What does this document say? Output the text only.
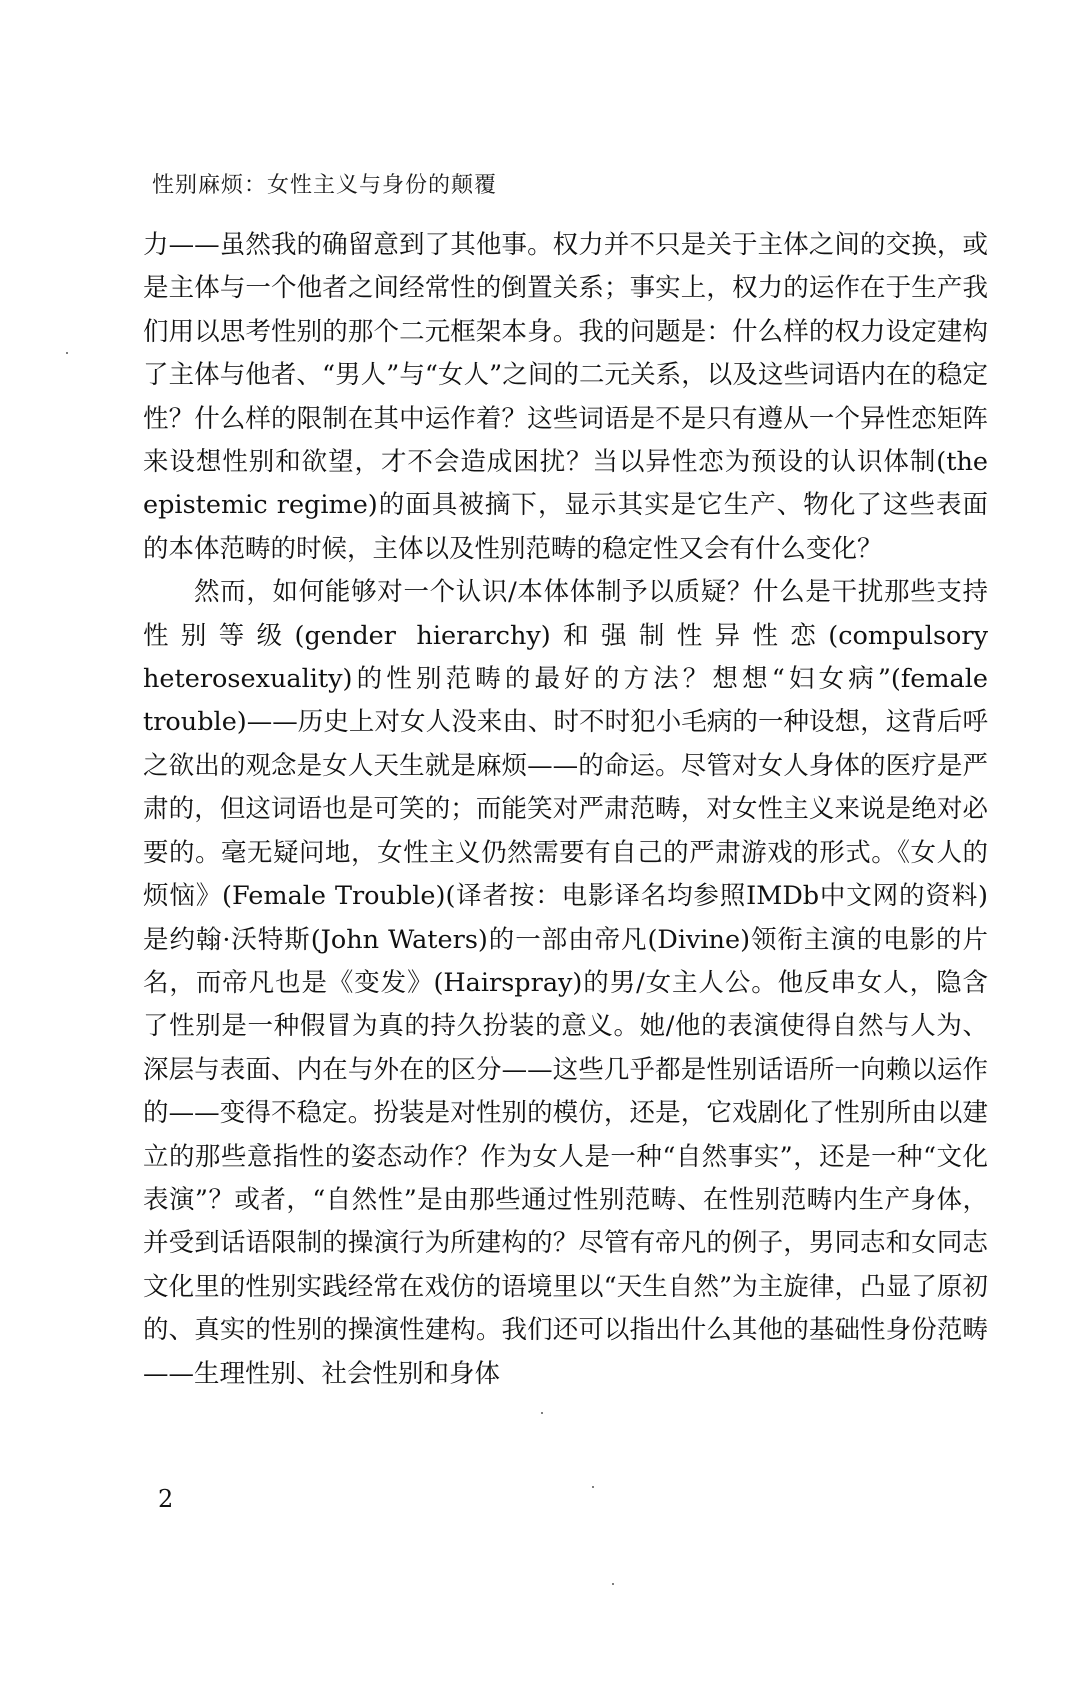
性别麻烦：女性主义与身份的颠覆

力——虽然我的确留意到了其他事。权力并不只是关于主体之间的交换，或是主体与一个他者之间经常性的倒置关系；事实上，权力的运作在于生产我们用以思考性别的那个二元框架本身。我的问题是：什么样的权力设定建构了主体与他者、“男人”与“女人”之间的二元关系，以及这些词语内在的稳定性？什么样的限制在其中运作着？这些词语是不是只有遵从一个异性恋矩阵来设想性别和欲望，才不会造成困扰？当以异性恋为预设的认识体制(the epistemic regime)的面具被摘下，显示其实是它生产、物化了这些表面的本体范畴的时候，主体以及性别范畴的稳定性又会有什么变化？

然而，如何能够对一个认识/本体体制予以质疑？什么是干扰那些支持性别等级(gender hierarchy)和强制性异性恋(compulsory heterosexuality)的性别范畴的最好的方法？想想“妇女病”(female trouble)——历史上对女人没来由、时不时犯小毛病的一种设想，这背后呼之欲出的观念是女人天生就是麻烦——的命运。尽管对女人身体的医疗是严肃的，但这词语也是可笑的；而能笑对严肃范畴，对女性主义来说是绝对必要的。毫无疑问地，女性主义仍然需要有自己的严肃游戏的形式。《女人的烦恼》(Female Trouble)(译者按：电影译名均参照IMDb中文网的资料)是约翰·沃特斯(John Waters)的一部由帝凡(Divine)领衔主演的电影的片名，而帝凡也是《变发》(Hairspray)的男/女主人公。他反串女人，隐含了性别是一种假冒为真的持久扮装的意义。她/他的表演使得自然与人为、深层与表面、内在与外在的区分——这些几乎都是性别话语所一向赖以运作的——变得不稳定。扮装是对性别的模仿，还是，它戏剧化了性别所由以建立的那些意指性的姿态动作？作为女人是一种“自然事实”，还是一种“文化表演”？或者，“自然性”是由那些通过性别范畴、在性别范畴内生产身体，并受到话语限制的操演行为所建构的？尽管有帝凡的例子，男同志和女同志文化里的性别实践经常在戏仿的语境里以“天生自然”为主旋律，凸显了原初的、真实的性别的操演性建构。我们还可以指出什么其他的基础性身份范畴——生理性别、社会性别和身体

2
